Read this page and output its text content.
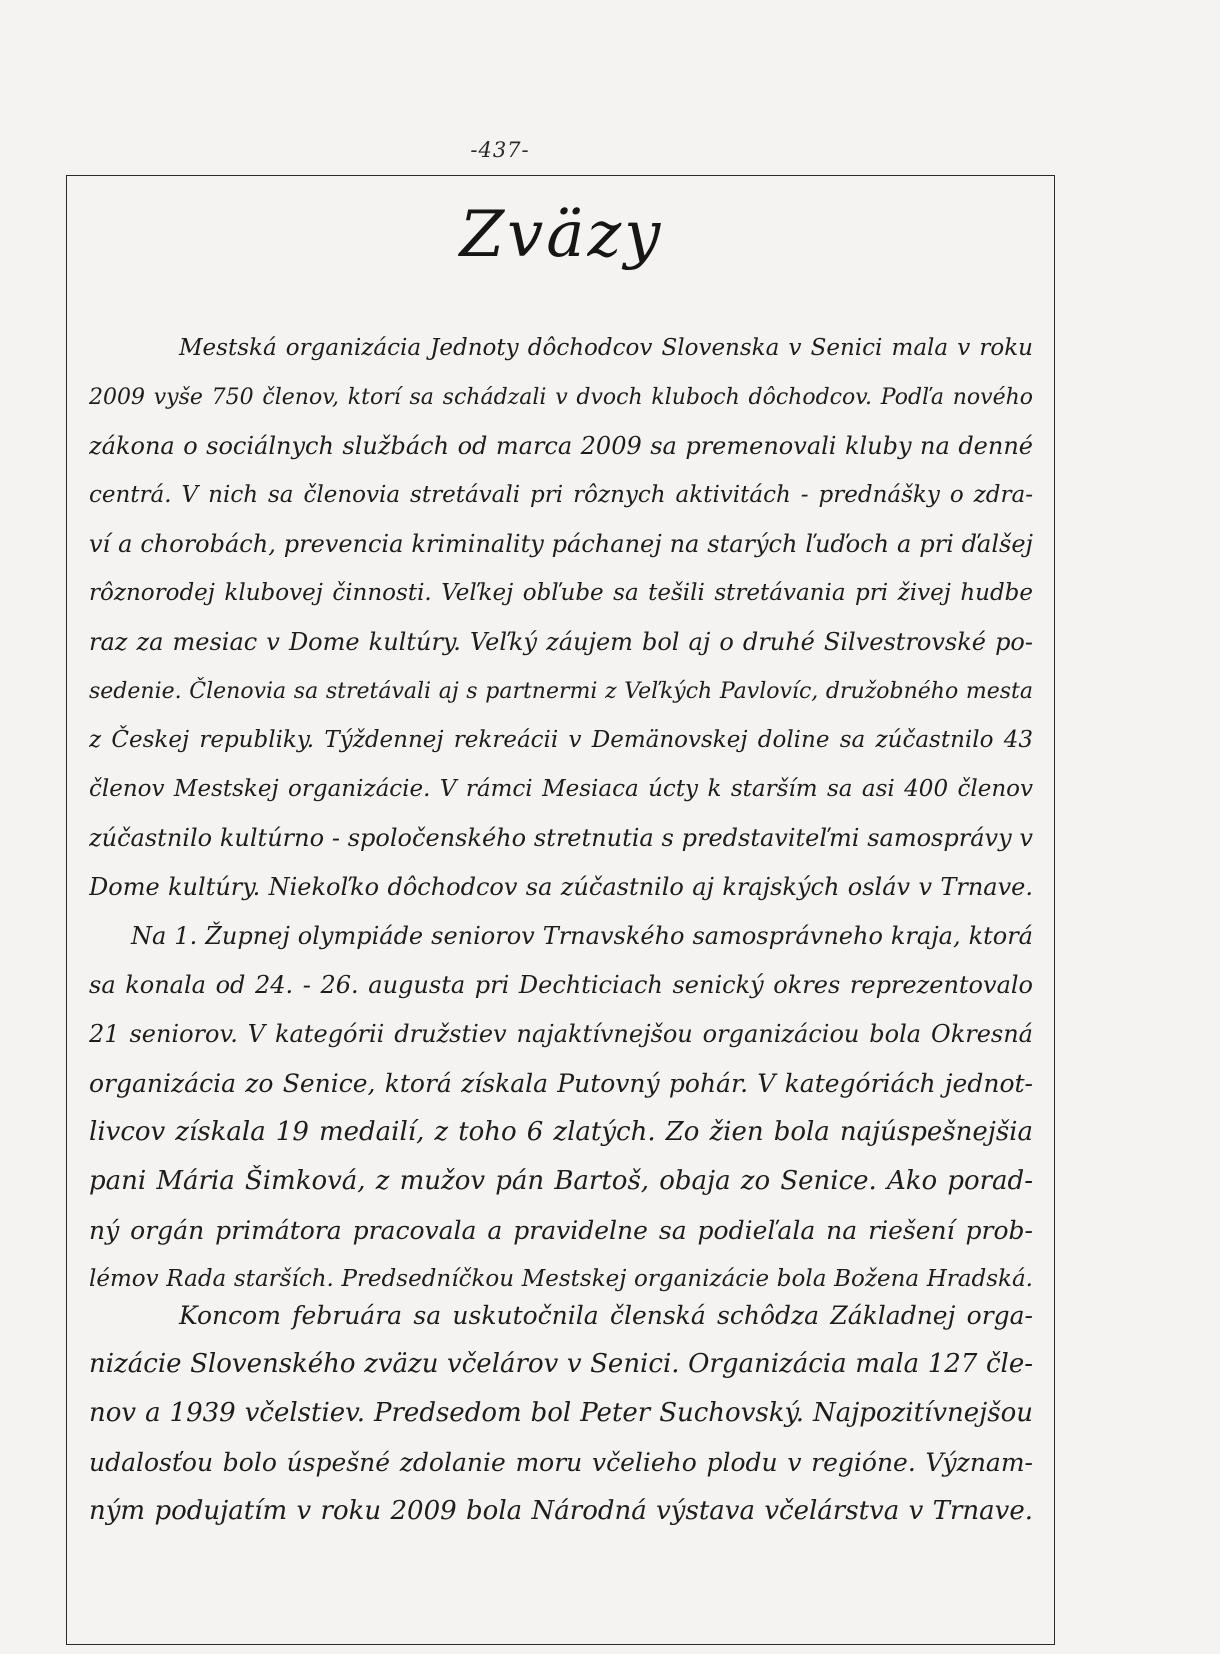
-437-
Zväzy
Mestská organizácia Jednoty dôchodcov Slovenska v Senici mala v roku
2009 vyše 750 členov, ktorí sa schádzali v dvoch kluboch dôchodcov. Podľa nového
zákona o sociálnych službách od marca 2009 sa premenovali kluby na denné
centrá. V nich sa členovia stretávali pri rôznych aktivitách - prednášky o zdra-
ví a chorobách, prevencia kriminality páchanej na starých ľuďoch a pri ďalšej
rôznorodej klubovej činnosti. Veľkej obľube sa tešili stretávania pri živej hudbe
raz za mesiac v Dome kultúry. Veľký záujem bol aj o druhé Silvestrovské po-
sedenie. Členovia sa stretávali aj s partnermi z Veľkých Pavlovíc, družobného mesta
z Českej republiky. Týždennej rekreácii v Demänovskej doline sa zúčastnilo 43
členov Mestskej organizácie. V rámci Mesiaca úcty k starším sa asi 400 členov
zúčastnilo kultúrno - spoločenského stretnutia s predstaviteľmi samosprávy v
Dome kultúry. Niekoľko dôchodcov sa zúčastnilo aj krajských osláv v Trnave.
Na 1. Župnej olympiáde seniorov Trnavského samosprávneho kraja, ktorá
sa konala od 24. - 26. augusta pri Dechticiach senický okres reprezentovalo
21 seniorov. V kategórii družstiev najaktívnejšou organizáciou bola Okresná
organizácia zo Senice, ktorá získala Putovný pohár. V kategóriách jednot-
livcov získala 19 medailí, z toho 6 zlatých. Zo žien bola najúspešnejšia
pani Mária Šimková, z mužov pán Bartoš, obaja zo Senice. Ako porad-
ný orgán primátora pracovala a pravidelne sa podieľala na riešení prob-
lémov Rada starších. Predsedníčkou Mestskej organizácie bola Božena Hradská.
Koncom februára sa uskutočnila členská schôdza Základnej orga-
nizácie Slovenského zväzu včelárov v Senici. Organizácia mala 127 čle-
nov a 1939 včelstiev. Predsedom bol Peter Suchovský. Najpozitívnejšou
udalosťou bolo úspešné zdolanie moru včelieho plodu v regióne. Význam-
ným podujatím v roku 2009 bola Národná výstava včelárstva v Trnave.
